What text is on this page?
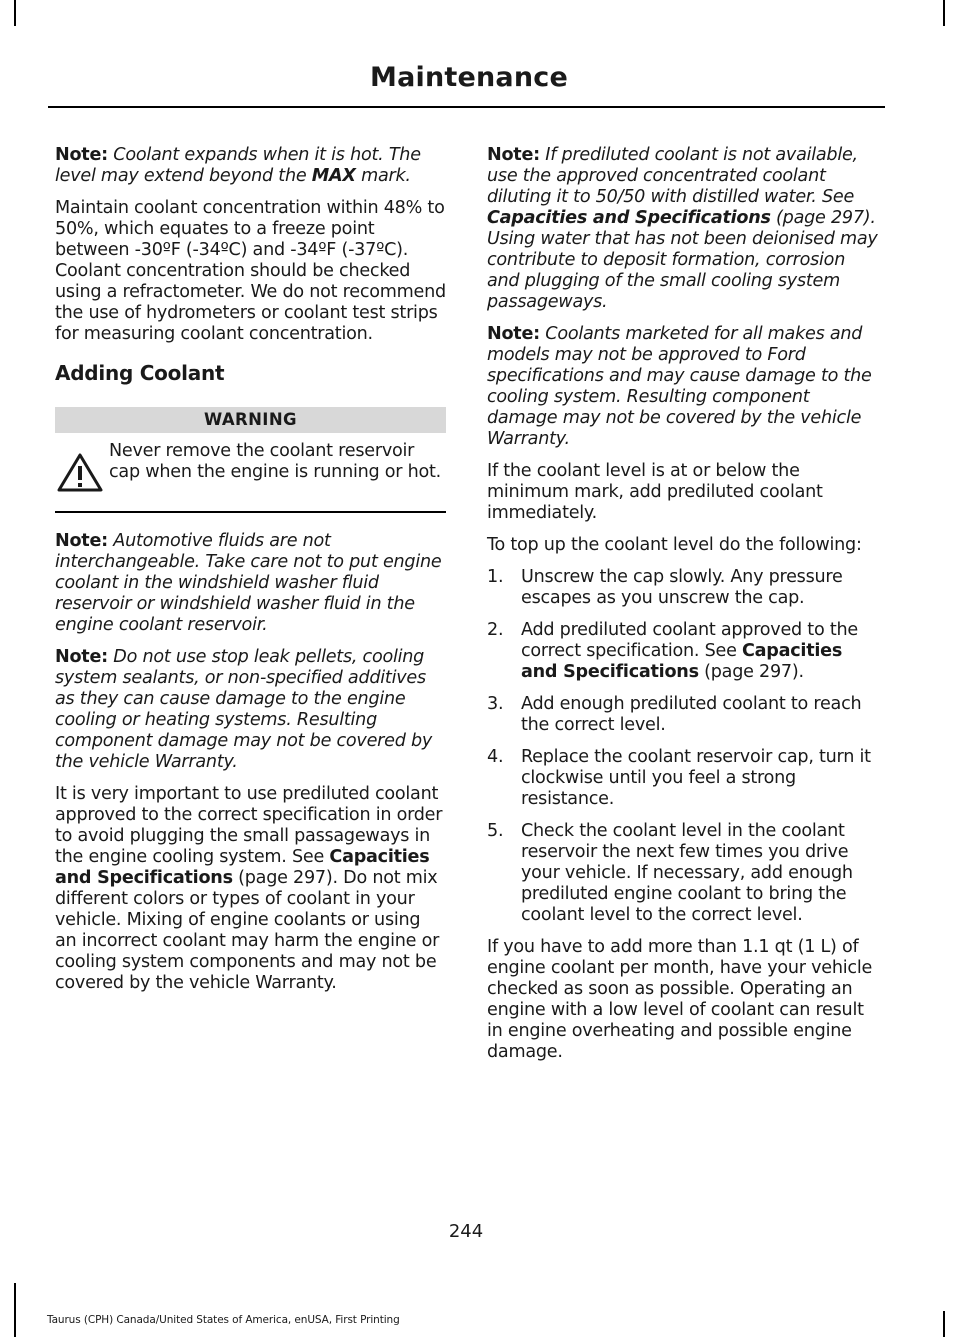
Maintenance

Note: Coolant expands when it is hot. The level may extend beyond the MAX mark.

Maintain coolant concentration within 48% to 50%, which equates to a freeze point between -30ºF (-34ºC) and -34ºF (-37ºC). Coolant concentration should be checked using a refractometer. We do not recommend the use of hydrometers or coolant test strips for measuring coolant concentration.

Adding Coolant

WARNING
Never remove the coolant reservoir cap when the engine is running or hot.

Note: Automotive fluids are not interchangeable. Take care not to put engine coolant in the windshield washer fluid reservoir or windshield washer fluid in the engine coolant reservoir.

Note: Do not use stop leak pellets, cooling system sealants, or non-specified additives as they can cause damage to the engine cooling or heating systems. Resulting component damage may not be covered by the vehicle Warranty.

It is very important to use prediluted coolant approved to the correct specification in order to avoid plugging the small passageways in the engine cooling system. See Capacities and Specifications (page 297). Do not mix different colors or types of coolant in your vehicle. Mixing of engine coolants or using an incorrect coolant may harm the engine or cooling system components and may not be covered by the vehicle Warranty.

Note: If prediluted coolant is not available, use the approved concentrated coolant diluting it to 50/50 with distilled water. See Capacities and Specifications (page 297). Using water that has not been deionised may contribute to deposit formation, corrosion and plugging of the small cooling system passageways.

Note: Coolants marketed for all makes and models may not be approved to Ford specifications and may cause damage to the cooling system. Resulting component damage may not be covered by the vehicle Warranty.

If the coolant level is at or below the minimum mark, add prediluted coolant immediately.

To top up the coolant level do the following:

1.	Unscrew the cap slowly. Any pressure escapes as you unscrew the cap.
2.	Add prediluted coolant approved to the correct specification. See Capacities and Specifications (page 297).
3.	Add enough prediluted coolant to reach the correct level.
4.	Replace the coolant reservoir cap, turn it clockwise until you feel a strong resistance.
5.	Check the coolant level in the coolant reservoir the next few times you drive your vehicle. If necessary, add enough prediluted engine coolant to bring the coolant level to the correct level.

If you have to add more than 1.1 qt (1 L) of engine coolant per month, have your vehicle checked as soon as possible. Operating an engine with a low level of coolant can result in engine overheating and possible engine damage.

244
Taurus (CPH) Canada/United States of America, enUSA, First Printing
